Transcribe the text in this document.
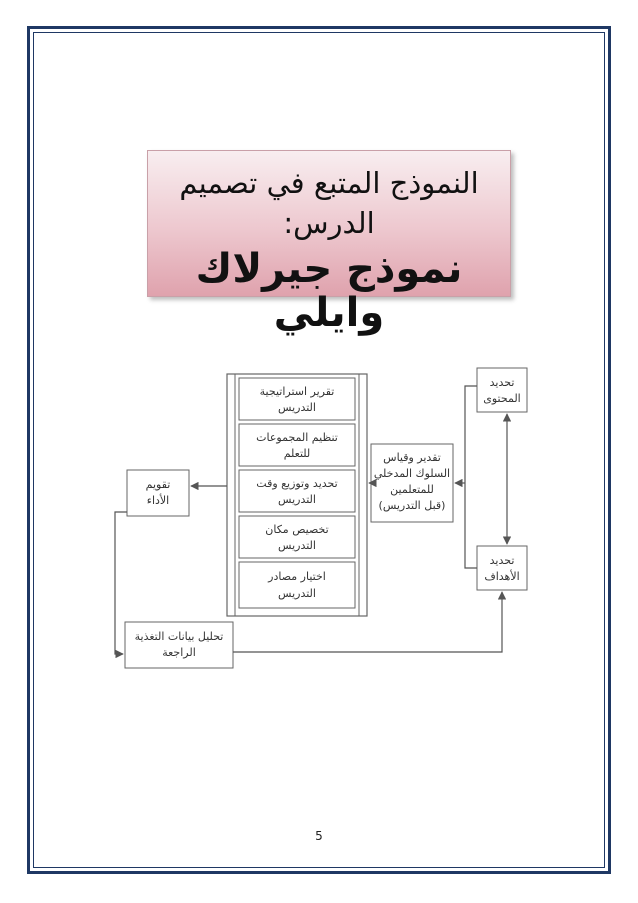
النموذج المتبع في تصميم
الدرس:
نموذج جيرلاك وايلي
تقرير استراتيجية
التدريس
تنظيم المجموعات
للتعلم
تحديد وتوزيع وقت
التدريس
تخصيص مكان
التدريس
اختيار مصادر
التدريس
تحديد
المحتوى
تحديد
الأهداف
تقدير وقياس
السلوك المدخلي
للمتعلمين
(قبل التدريس)
تقويم
الأداء
تحليل بيانات التغذية
الراجعة
5
